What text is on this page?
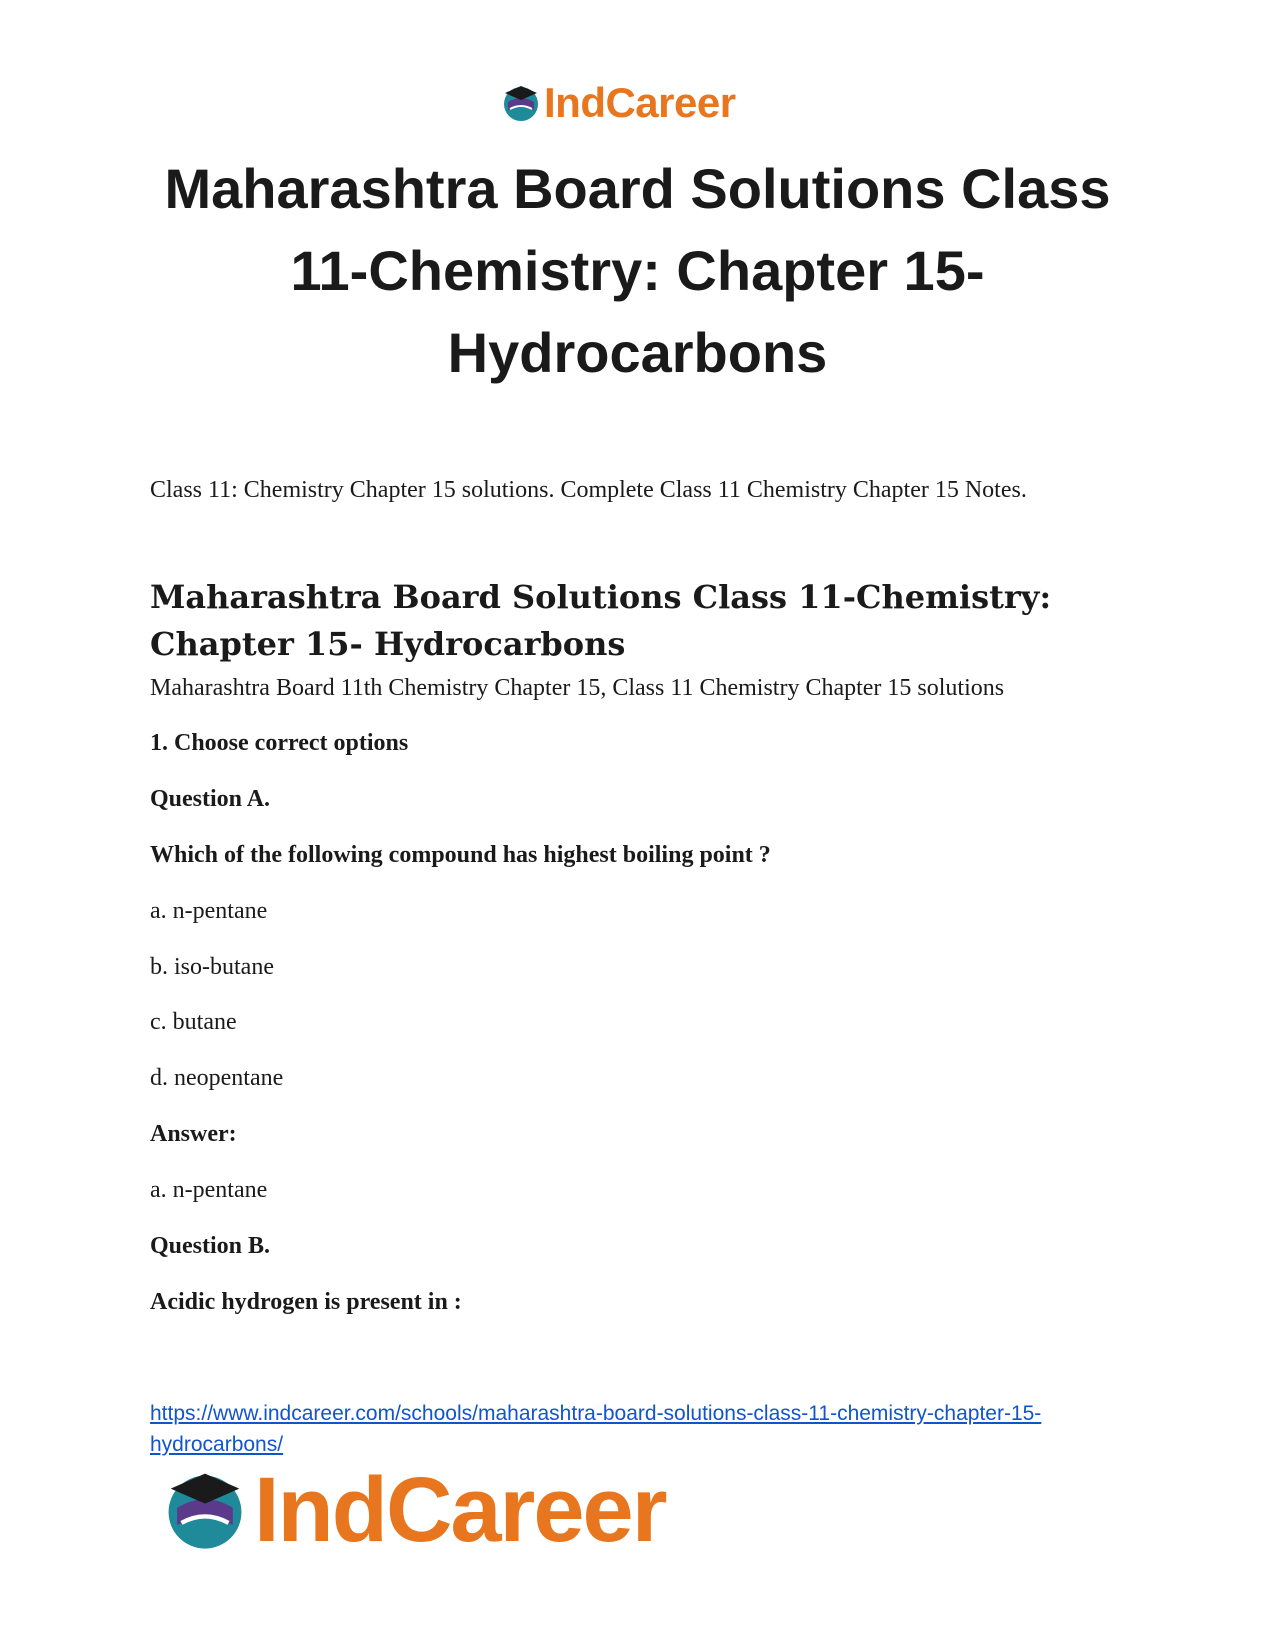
IndCareer
Maharashtra Board Solutions Class 11-Chemistry: Chapter 15- Hydrocarbons

Class 11: Chemistry Chapter 15 solutions. Complete Class 11 Chemistry Chapter 15 Notes.

Maharashtra Board Solutions Class 11-Chemistry: Chapter 15- Hydrocarbons

Maharashtra Board 11th Chemistry Chapter 15, Class 11 Chemistry Chapter 15 solutions

1. Choose correct options

Question A.

Which of the following compound has highest boiling point ?

a. n-pentane

b. iso-butane

c. butane

d. neopentane

Answer:

a. n-pentane

Question B.

Acidic hydrogen is present in :

https://www.indcareer.com/schools/maharashtra-board-solutions-class-11-chemistry-chapter-15-hydrocarbons/
IndCareer
